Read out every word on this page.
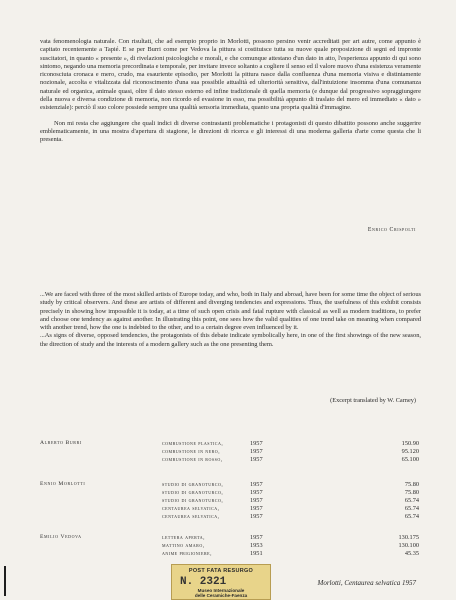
vata fenomenologia naturale. Con risultati, che ad esempio proprio in Morlotti, possono persino venir accreditati per art autre, come appunto è capitato recentemente a Tapié. E se per Burri come per Vedova la pittura si costituisce tutta su nuove quale proposizione di segni ed impronte suscitatori, in quanto « presente », di rivelazioni psicologiche e morali, e che comunque attestano d'un dato in atto, l'esperienza appunto di qui sono sintomo, negando una memoria precordinata e temporale, per invitare invece soltanto a cogliere il senso ed il valore nuovo d'una esistenza veramente riconosciuta cronaca e mero, crudo, ma esauriente episodio, per Morlotti la pittura nasce dalla confluenza d'una memoria visiva e distintamente nozionale, accolta e vitalizzata dal riconoscimento d'una sua possibile attualità ed ulteriorità sensitiva, dall'intuizione insomma d'una comunanza naturale ed organica, animale quasi, oltre il dato stesso esterno ed infine tradizionale di quella memoria (e dunque dal progressivo sopraggiungere della nuova e diversa condizione di memoria, non ricordo ed evasione in esso, ma possibilità appunto di traslato del mero ed immediato « dato » esistenziale): perciò il suo colore possiede sempre una qualità sensoria immediata, quanto una propria qualità d'immagine.

Non mi resta che aggiungere che quali indici di diverse contrastanti problematiche i protagonisti di questo dibattito possono anche suggerire emblematicamente, in una mostra d'apertura di stagione, le direzioni di ricerca e gli interessi di una moderna galleria d'arte come questa che li presenta.

Enrico Crispolti

...We are faced with three of the most skilled artists of Europe today, and who, both in Italy and abroad, have been for some time the object of serious study by critical observers. And these are artists of different and diverging tendencies and expressions. Thus, the usefulness of this exhibit consists precisely in showing how impossible it is today, at a time of such open crisis and fatal rupture with classical as well as modern traditions, to prefer and choose one tendency as against another. In illustrating this point, one sees how the valid qualities of one trend take on meaning when compared with another trend, how the one is indebted to the other, and to a certain degree even influenced by it.

...As signs of diverse, opposed tendencies, the protagonists of this debate indicate symbolically here, in one of the first showings of the new season, the direction of study and the interests of a modern gallery such as the one presenting them.

(Excerpt translated by W. Carney)
Alberto Burri	combustione plastica,	1957	150.90
combustione in nero,	1957	95.120
combustione in rosso,	1957	65.100
Ennio Morlotti	studio di granoturco,	1957	75.80
studio di granoturco,	1957	75.80
studio di granoturco,	1957	65.74
centaurea selvatica,	1957	65.74
centaurea selvatica,	1957	65.74
Emilio Vedova	lettera aperta,	1957	130.175
mattino amaro,	1953	130.100
anime prigioniere,	1951	45.35
POST FATA RESURGO
N. 2321
Museo Internazionale
delle Ceramiche-Faenza
Morlotti, Centaurea selvatica 1957
